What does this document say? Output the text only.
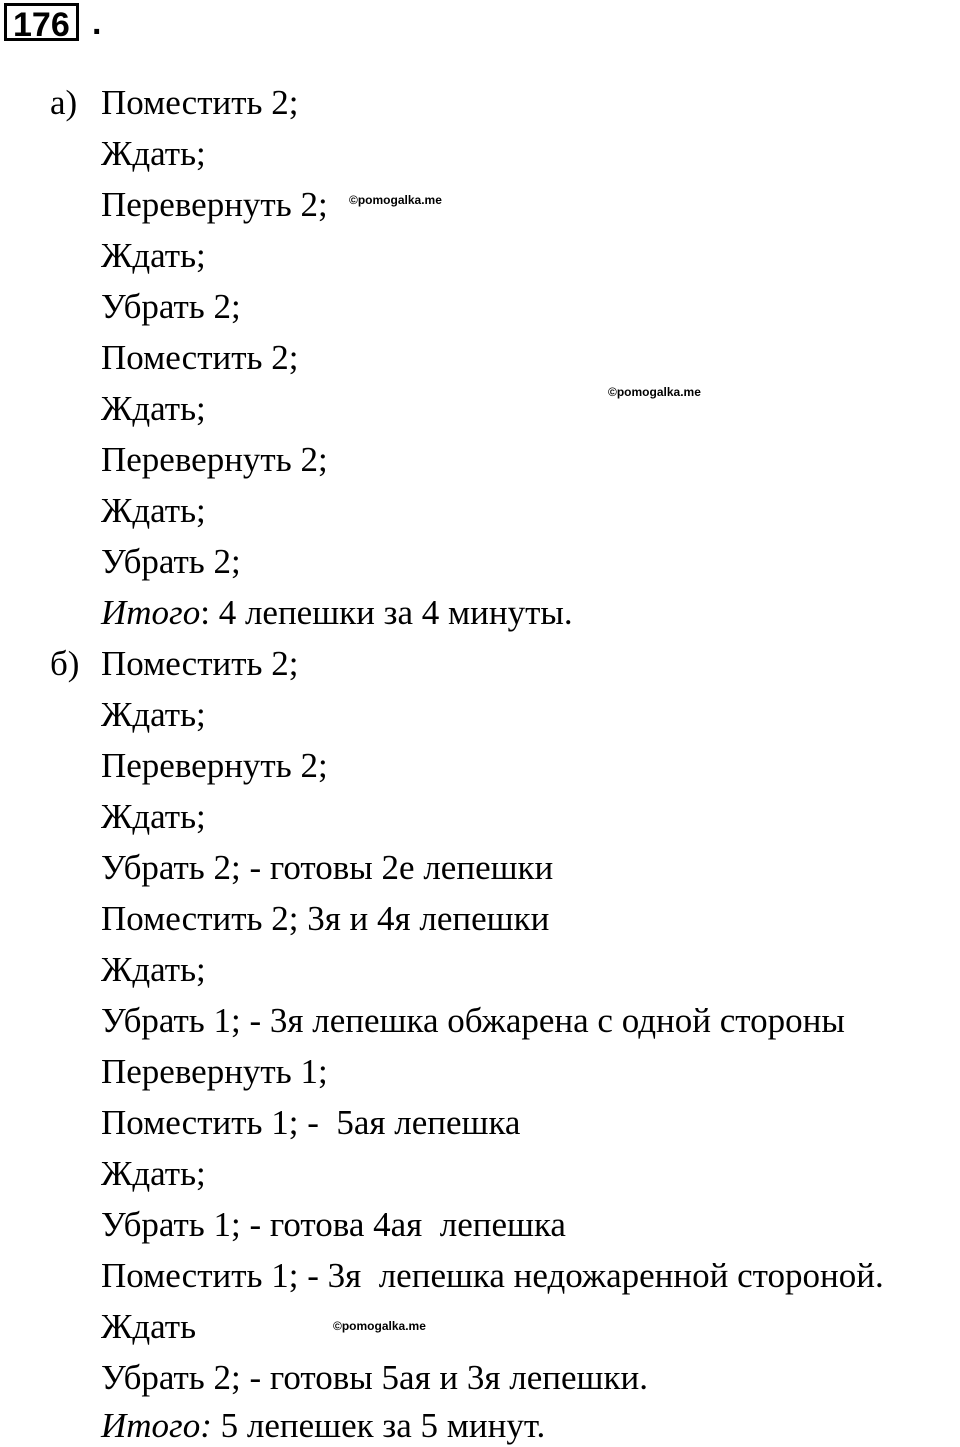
176 .
а) Поместить 2;
Ждать;
Перевернуть 2;
Ждать;
Убрать 2;
Поместить 2;
Ждать;
Перевернуть 2;
Ждать;
Убрать 2;
Итого: 4 лепешки за 4 минуты.
б) Поместить 2;
Ждать;
Перевернуть 2;
Ждать;
Убрать 2; - готовы 2е лепешки
Поместить 2; 3я и 4я лепешки
Ждать;
Убрать 1; - 3я лепешка обжарена с одной стороны
Перевернуть 1;
Поместить 1; -  5ая лепешка
Ждать;
Убрать 1; - готова 4ая  лепешка
Поместить 1; - 3я  лепешка недожаренной стороной.
Ждать
Убрать 2; - готовы 5ая и 3я лепешки.
Итого: 5 лепешек за 5 минут.
©pomogalka.me
©pomogalka.me
©pomogalka.me
